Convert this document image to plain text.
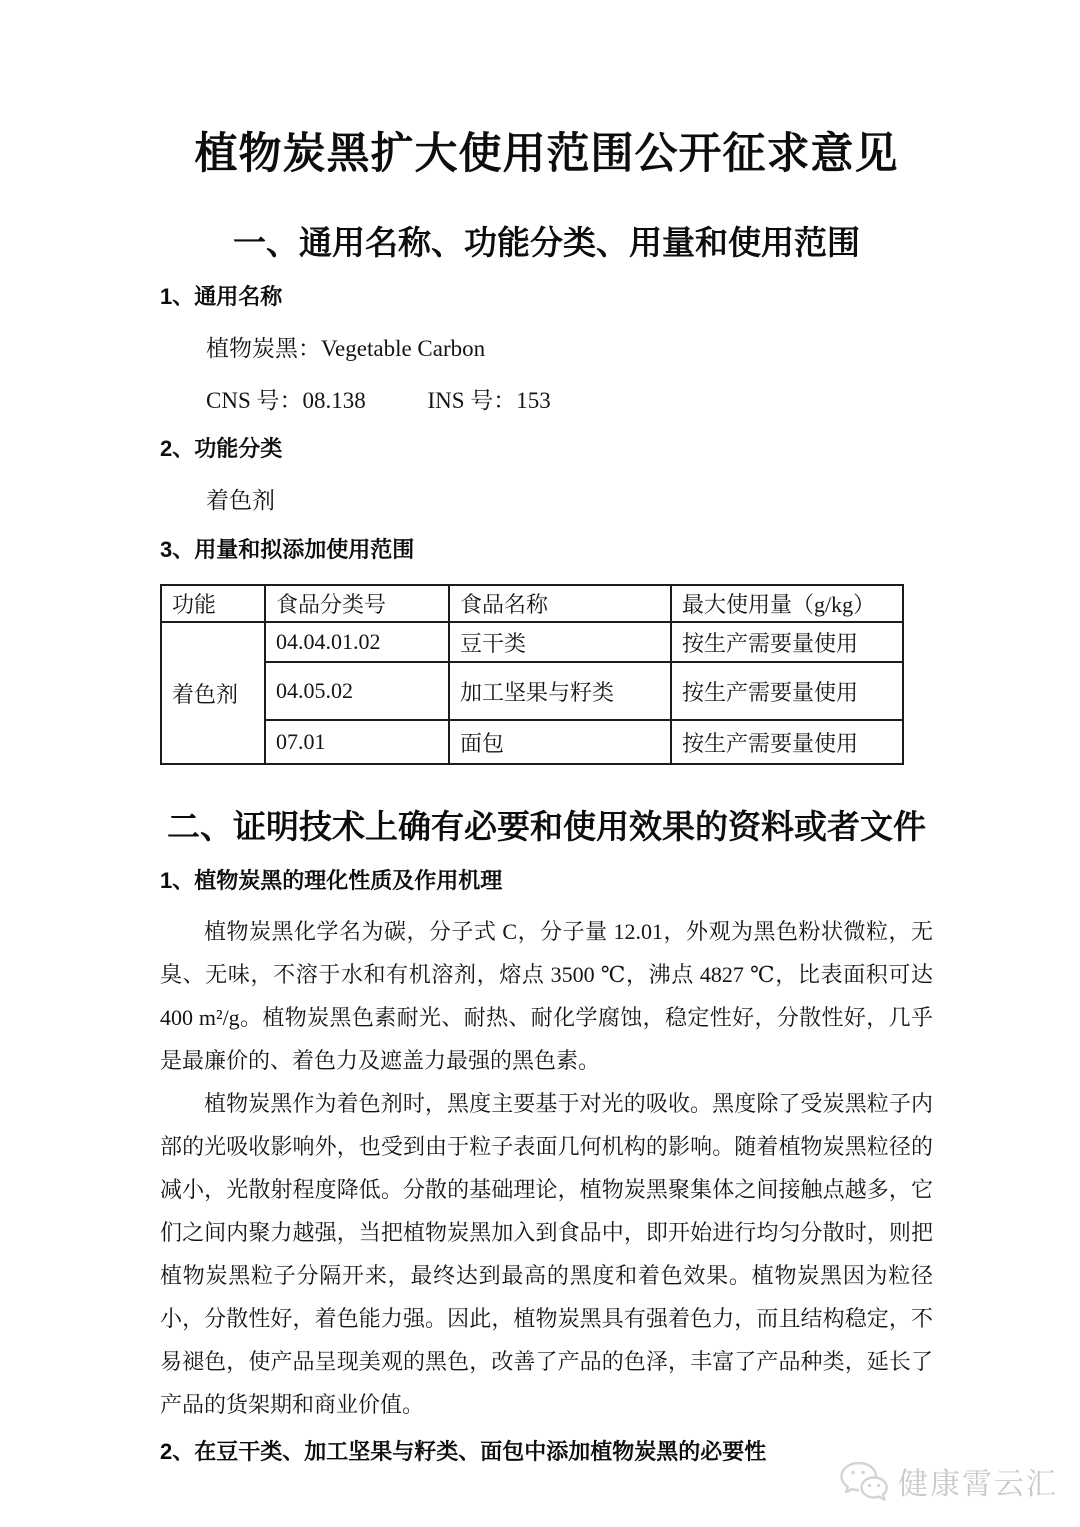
植物炭黑扩大使用范围公开征求意见
一、通用名称、功能分类、用量和使用范围
1、通用名称

植物炭黑：Vegetable Carbon

CNS 号：08.138	INS 号：153

2、功能分类

着色剂

3、用量和拟添加使用范围
功能	食品分类号	食品名称	最大使用量（g/kg）
着色剂	04.04.01.02	豆干类	按生产需要量使用
	04.05.02	加工坚果与籽类	按生产需要量使用
	07.01	面包	按生产需要量使用
二、证明技术上确有必要和使用效果的资料或者文件
1、植物炭黑的理化性质及作用机理

植物炭黑化学名为碳，分子式 C，分子量 12.01，外观为黑色粉状微粒，无臭、无味，不溶于水和有机溶剂，熔点 3500 ℃，沸点 4827 ℃，比表面积可达 400 m²/g。植物炭黑色素耐光、耐热、耐化学腐蚀，稳定性好，分散性好，几乎是最廉价的、着色力及遮盖力最强的黑色素。

植物炭黑作为着色剂时，黑度主要基于对光的吸收。黑度除了受炭黑粒子内部的光吸收影响外，也受到由于粒子表面几何机构的影响。随着植物炭黑粒径的减小，光散射程度降低。分散的基础理论，植物炭黑聚集体之间接触点越多，它们之间内聚力越强，当把植物炭黑加入到食品中，即开始进行均匀分散时，则把植物炭黑粒子分隔开来，最终达到最高的黑度和着色效果。植物炭黑因为粒径小，分散性好，着色能力强。因此，植物炭黑具有强着色力，而且结构稳定，不易褪色，使产品呈现美观的黑色，改善了产品的色泽，丰富了产品种类，延长了产品的货架期和商业价值。

2、在豆干类、加工坚果与籽类、面包中添加植物炭黑的必要性
健康霄云汇
